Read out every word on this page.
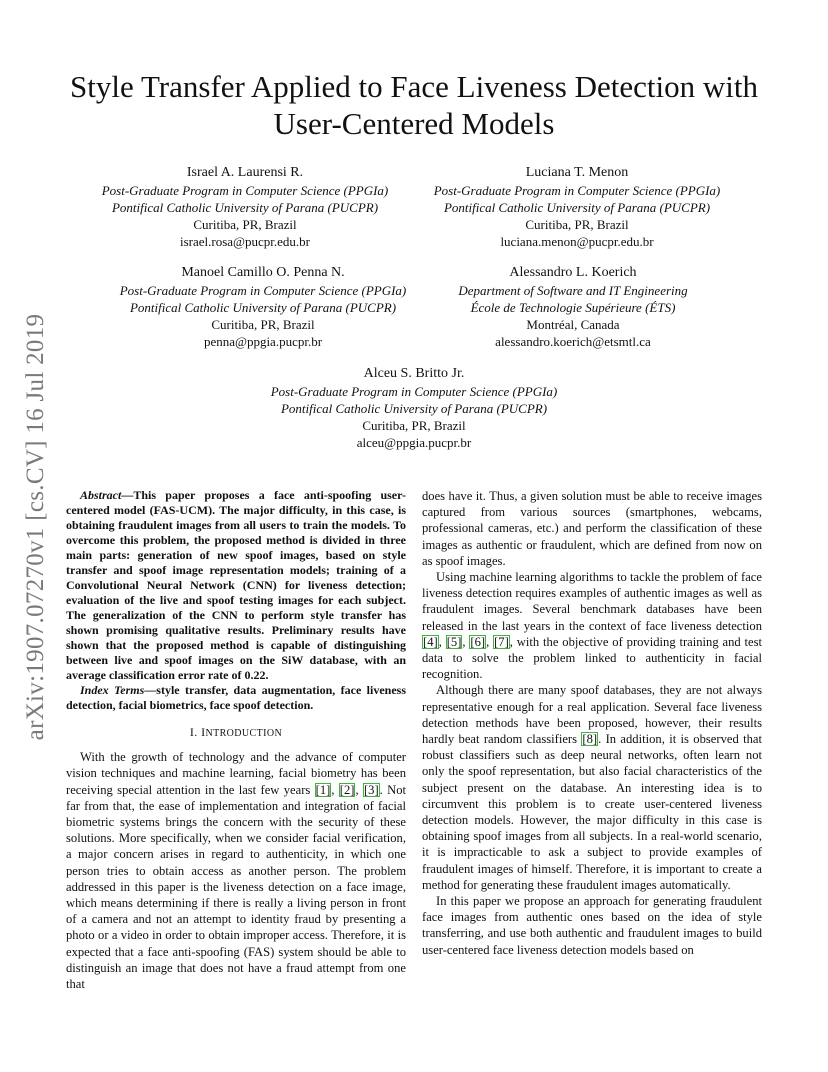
arXiv:1907.07270v1 [cs.CV] 16 Jul 2019
Style Transfer Applied to Face Liveness Detection with User-Centered Models
Israel A. Laurensi R.
Post-Graduate Program in Computer Science (PPGIa)
Pontifical Catholic University of Parana (PUCPR)
Curitiba, PR, Brazil
israel.rosa@pucpr.edu.br
Luciana T. Menon
Post-Graduate Program in Computer Science (PPGIa)
Pontifical Catholic University of Parana (PUCPR)
Curitiba, PR, Brazil
luciana.menon@pucpr.edu.br
Manoel Camillo O. Penna N.
Post-Graduate Program in Computer Science (PPGIa)
Pontifical Catholic University of Parana (PUCPR)
Curitiba, PR, Brazil
penna@ppgia.pucpr.br
Alessandro L. Koerich
Department of Software and IT Engineering
École de Technologie Supérieure (ÉTS)
Montréal, Canada
alessandro.koerich@etsmtl.ca
Alceu S. Britto Jr.
Post-Graduate Program in Computer Science (PPGIa)
Pontifical Catholic University of Parana (PUCPR)
Curitiba, PR, Brazil
alceu@ppgia.pucpr.br

Abstract—This paper proposes a face anti-spoofing user-centered model (FAS-UCM). The major difficulty, in this case, is obtaining fraudulent images from all users to train the models. To overcome this problem, the proposed method is divided in three main parts: generation of new spoof images, based on style transfer and spoof image representation models; training of a Convolutional Neural Network (CNN) for liveness detection; evaluation of the live and spoof testing images for each subject. The generalization of the CNN to perform style transfer has shown promising qualitative results. Preliminary results have shown that the proposed method is capable of distinguishing between live and spoof images on the SiW database, with an average classification error rate of 0.22.

Index Terms—style transfer, data augmentation, face liveness detection, facial biometrics, face spoof detection.

I. INTRODUCTION

With the growth of technology and the advance of computer vision techniques and machine learning, facial biometry has been receiving special attention in the last few years [1], [2], [3]. Not far from that, the ease of implementation and integration of facial biometric systems brings the concern with the security of these solutions. More specifically, when we consider facial verification, a major concern arises in regard to authenticity, in which one person tries to obtain access as another person. The problem addressed in this paper is the liveness detection on a face image, which means determining if there is really a living person in front of a camera and not an attempt to identity fraud by presenting a photo or a video in order to obtain improper access. Therefore, it is expected that a face anti-spoofing (FAS) system should be able to distinguish an image that does not have a fraud attempt from one that

does have it. Thus, a given solution must be able to receive images captured from various sources (smartphones, webcams, professional cameras, etc.) and perform the classification of these images as authentic or fraudulent, which are defined from now on as spoof images.

Using machine learning algorithms to tackle the problem of face liveness detection requires examples of authentic images as well as fraudulent images. Several benchmark databases have been released in the last years in the context of face liveness detection [4], [5], [6], [7], with the objective of providing training and test data to solve the problem linked to authenticity in facial recognition.

Although there are many spoof databases, they are not always representative enough for a real application. Several face liveness detection methods have been proposed, however, their results hardly beat random classifiers [8]. In addition, it is observed that robust classifiers such as deep neural networks, often learn not only the spoof representation, but also facial characteristics of the subject present on the database. An interesting idea is to circumvent this problem is to create user-centered liveness detection models. However, the major difficulty in this case is obtaining spoof images from all subjects. In a real-world scenario, it is impracticable to ask a subject to provide examples of fraudulent images of himself. Therefore, it is important to create a method for generating these fraudulent images automatically.

In this paper we propose an approach for generating fraudulent face images from authentic ones based on the idea of style transferring, and use both authentic and fraudulent images to build user-centered face liveness detection models based on
